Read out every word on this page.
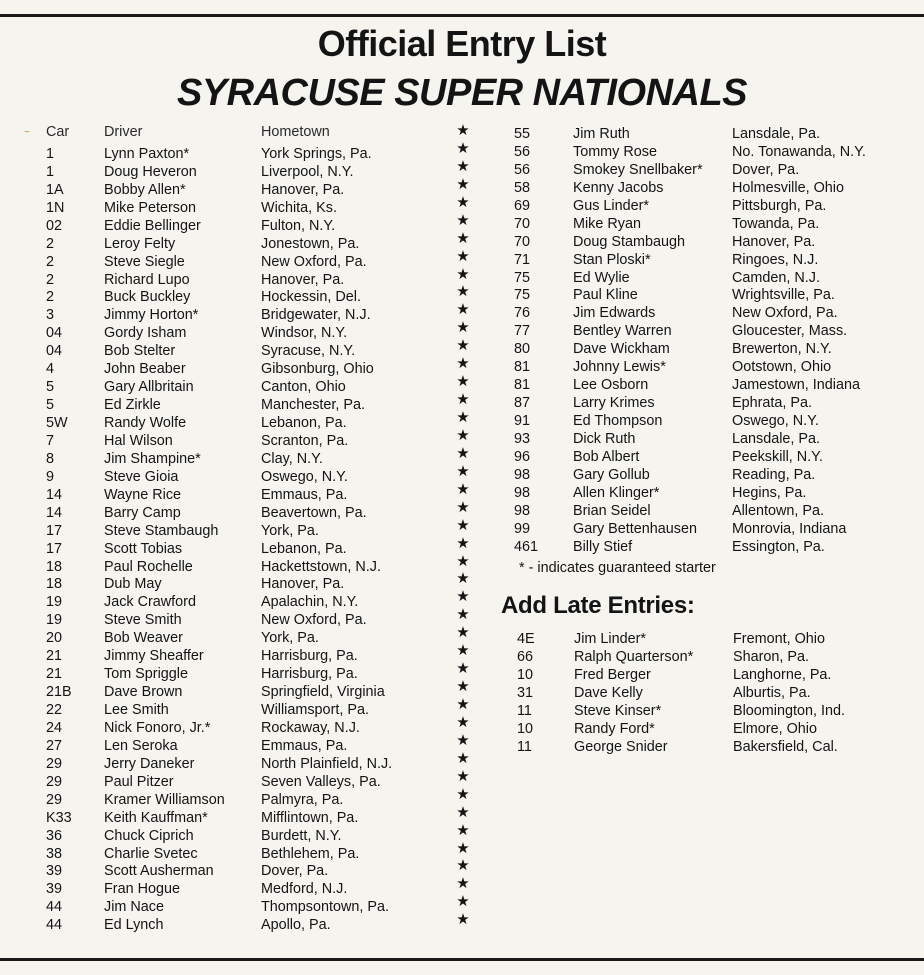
Official Entry List
SYRACUSE SUPER NATIONALS
~ Car Driver	Hometown
1	Lynn Paxton*	York Springs, Pa.
1	Doug Heveron	Liverpool, N.Y.
1A	Bobby Allen*	Hanover, Pa.
1N	Mike Peterson	Wichita, Ks.
02	Eddie Bellinger	Fulton, N.Y.
2	Leroy Felty	Jonestown, Pa.
2	Steve Siegle	New Oxford, Pa.
2	Richard Lupo	Hanover, Pa.
2	Buck Buckley	Hockessin, Del.
3	Jimmy Horton*	Bridgewater, N.J.
04	Gordy Isham	Windsor, N.Y.
04	Bob Stelter	Syracuse, N.Y.
4	John Beaber	Gibsonburg, Ohio
5	Gary Allbritain	Canton, Ohio
5	Ed Zirkle	Manchester, Pa.
5W	Randy Wolfe	Lebanon, Pa.
7	Hal Wilson	Scranton, Pa.
8	Jim Shampine*	Clay, N.Y.
9	Steve Gioia	Oswego, N.Y.
14	Wayne Rice	Emmaus, Pa.
14	Barry Camp	Beavertown, Pa.
17	Steve Stambaugh	York, Pa.
17	Scott Tobias	Lebanon, Pa.
18	Paul Rochelle	Hackettstown, N.J.
18	Dub May	Hanover, Pa.
19	Jack Crawford	Apalachin, N.Y.
19	Steve Smith	New Oxford, Pa.
20	Bob Weaver	York, Pa.
21	Jimmy Sheaffer	Harrisburg, Pa.
21	Tom Spriggle	Harrisburg, Pa.
21B Dave Brown	Springfield, Virginia
22	Lee Smith	Williamsport, Pa.
24	Nick Fonoro, Jr.*	Rockaway, N.J.
27	Len Seroka	Emmaus, Pa.
29	Jerry Daneker	North Plainfield, N.J.
29	Paul Pitzer	Seven Valleys, Pa.
29	Kramer Williamson	Palmyra, Pa.
K33 Keith Kauffman*	Mifflintown, Pa.
36	Chuck Ciprich	Burdett, N.Y.
38	Charlie Svetec	Bethlehem, Pa.
39	Scott Ausherman	Dover, Pa.
39	Fran Hogue	Medford, N.J.
44	Jim Nace	Thompsontown, Pa.
44	Ed Lynch	Apollo, Pa.
★
★
★
★
★
★
★
★
★
★
★
★
★
★
★
★
★
★
★
★
★
★
★
★
★
★
★
★
★
★
★
★
★
★
★
★
★
★
★
★
★
★
★
★
★
55	Jim Ruth	Lansdale, Pa.
56	Tommy Rose	No. Tonawanda, N.Y.
56	Smokey Snellbaker* Dover, Pa.
58	Kenny Jacobs	Holmesville, Ohio
69	Gus Linder*	Pittsburgh, Pa.
70	Mike Ryan	Towanda, Pa.
70	Doug Stambaugh	Hanover, Pa.
71	Stan Ploski*	Ringoes, N.J.
75	Ed Wylie	Camden, N.J.
75	Paul Kline	Wrightsville, Pa.
76	Jim Edwards	New Oxford, Pa.
77	Bentley Warren	Gloucester, Mass.
80	Dave Wickham	Brewerton, N.Y.
81	Johnny Lewis*	Ootstown, Ohio
81	Lee Osborn	Jamestown, Indiana
87	Larry Krimes	Ephrata, Pa.
91	Ed Thompson	Oswego, N.Y.
93	Dick Ruth	Lansdale, Pa.
96	Bob Albert	Peekskill, N.Y.
98	Gary Gollub	Reading, Pa.
98	Allen Klinger*	Hegins, Pa.
98	Brian Seidel	Allentown, Pa.
99	Gary Bettenhausen Monrovia, Indiana
461 Billy Stief	Essington, Pa.
* - indicates guaranteed starter
Add Late Entries:
4E	Jim Linder*	Fremont, Ohio
66	Ralph Quarterson*	Sharon, Pa.
10	Fred Berger	Langhorne, Pa.
31	Dave Kelly	Alburtis, Pa.
11	Steve Kinser*	Bloomington, Ind.
10	Randy Ford*	Elmore, Ohio
11	George Snider	Bakersfield, Cal.
